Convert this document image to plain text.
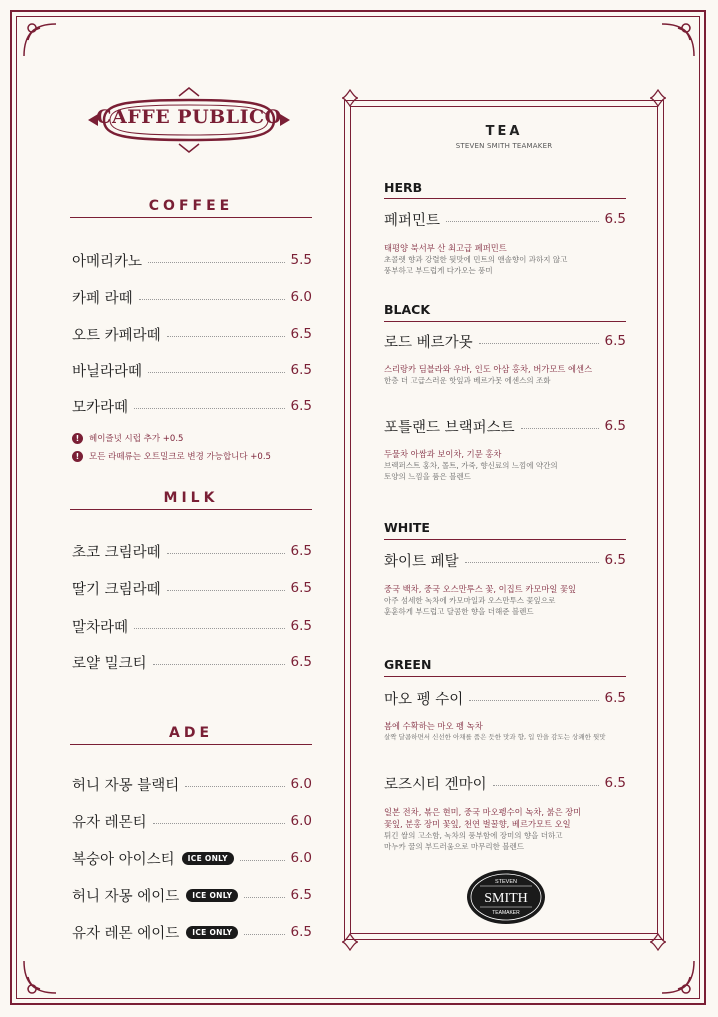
CAFFE PUBLICO
COFFEE
아메리카노	5.5
카페 라떼	6.0
오트 카페라떼	6.5
바닐라라떼	6.5
모카라떼	6.5
!	헤이즐넛 시럽 추가 +0.5
!	모든 라떼류는 오트밀크로 변경 가능합니다 +0.5
MILK
초코 크림라떼	6.5
딸기 크림라떼	6.5
말차라떼	6.5
로얄 밀크티	6.5
ADE
허니 자몽 블랙티	6.0
유자 레몬티	6.0
복숭아 아이스티	ICE ONLY	6.0
허니 자몽 에이드	ICE ONLY	6.5
유자 레몬 에이드	ICE ONLY	6.5
TEA
STEVEN SMITH TEAMAKER
HERB
페퍼민트	6.5
태평양 북서부 산 최고급 페퍼민트
초콜렛 향과 강렬한 뒷맛에 민트의 앤솔향이 과하지 않고
풍부하고 부드럽게 다가오는 풍미
BLACK
로드 베르가못	6.5
스리랑카 딤블라와 우바, 인도 아삼 홍차, 버가모트 에센스
한층 더 고급스러운 핫잎과 베르가못 에센스의 조화
포틀랜드 브랙퍼스트	6.5
두물차 아쌈과 보이차, 기문 홍차
브렉퍼스트 홍차, 몰트, 가죽, 향신료의 느낌에 약간의
토양의 느낌을 품은 블렌드
WHITE
화이트 페탈	6.5
중국 백차, 중국 오스만투스 꽃, 이집트 카모마일 꽃잎
아주 섬세한 녹차에 카모마일과 오스만투스 꽃잎으로
훈훈하게 부드럽고 달콤한 향을 더해준 블렌드
GREEN
마오 펭 수이	6.5
봄에 수확하는 마오 펭 녹차
살짝 달콤하면서 신선한 아채를 품은 듯한 맛과 향, 입 안을 감도는 상쾌한 뒷맛
로즈시티 겐마이	6.5
일본 전차, 볶은 현미, 중국 마오펭수이 녹차, 붉은 장미
꽃잎, 분홍 장미 꽃잎, 천연 벌꿀향, 베르가모트 오일
튀긴 쌀의 고소함, 녹차의 풍부함에 장미의 향을 더하고
마누카 꿀의 부드러움으로 마무리한 블렌드
STEVEN
SMITH
TEAMAKER
